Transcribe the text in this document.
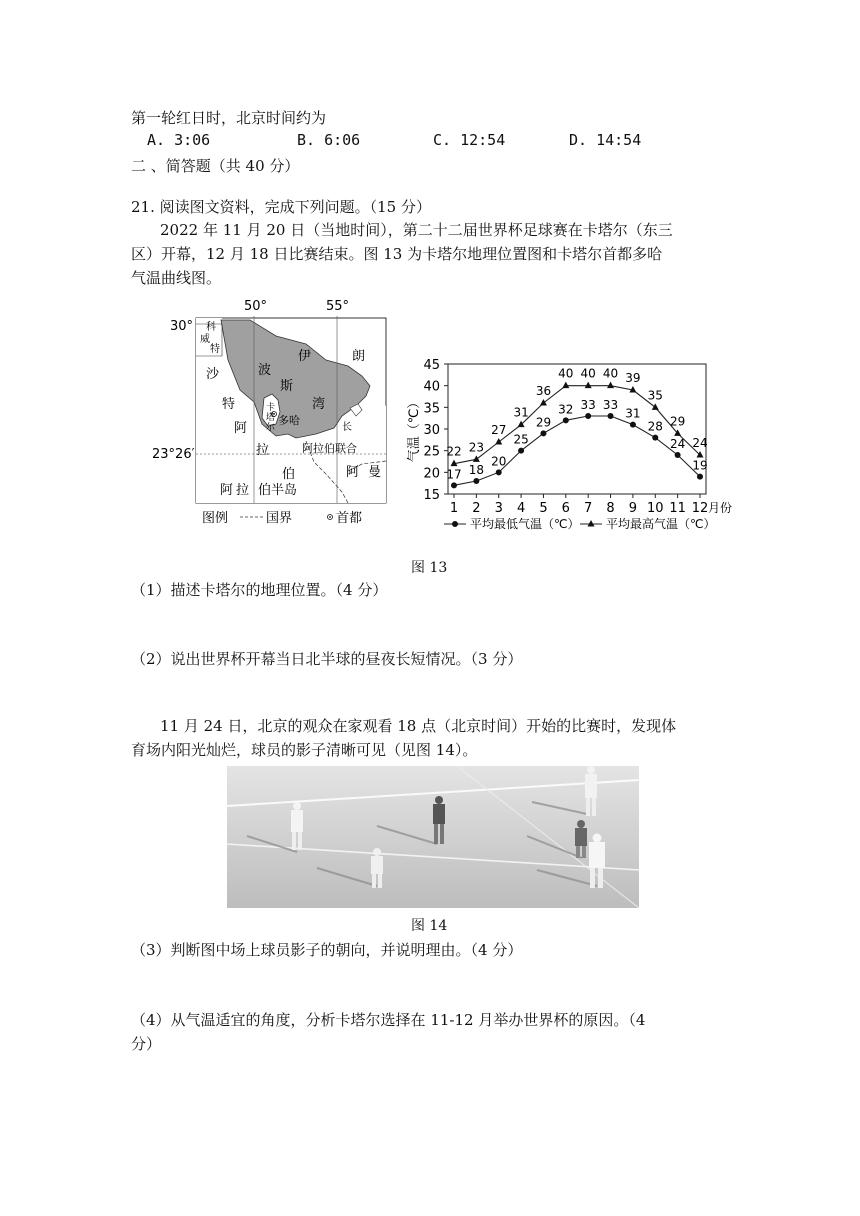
第一轮红日时，北京时间约为
A. 3:06	B. 6:06	C. 12:54	D. 14:54
二 、简答题（共 40 分）
21. 阅读图文资料，完成下列问题。（15 分）
2022 年 11 月 20 日（当地时间），第二十二届世界杯足球赛在卡塔尔（东三
区）开幕，12 月 18 日比赛结束。图 13 为卡塔尔地理位置图和卡塔尔首都多哈
气温曲线图。
50°	55°
30°
23°26′
科
威
特	伊	朗
沙
特
阿
拉
伯
阿 拉 伯半岛
波
斯
湾
卡
塔
尔
多哈
长
阿拉伯联合
阿 曼
图例	国界	首都
15
20
25
30
35
40
45
气温（℃）
1 2 3 4 5 6 7 8 9 10 11 12 月份
17 18
20
25
29
32 33 33
31
28
24
19
22 23
27
31
36
40 40 40 39
35
29
24
平均最低气温（℃） 平均最高气温（℃）
图 13
（1）描述卡塔尔的地理位置。（4 分）
（2）说出世界杯开幕当日北半球的昼夜长短情况。（3 分）
11 月 24 日，北京的观众在家观看 18 点（北京时间）开始的比赛时，发现体
育场内阳光灿烂，球员的影子清晰可见（见图 14）。
图 14
（3）判断图中场上球员影子的朝向，并说明理由。（4 分）
（4）从气温适宜的角度，分析卡塔尔选择在 11-12 月举办世界杯的原因。（4
分）
